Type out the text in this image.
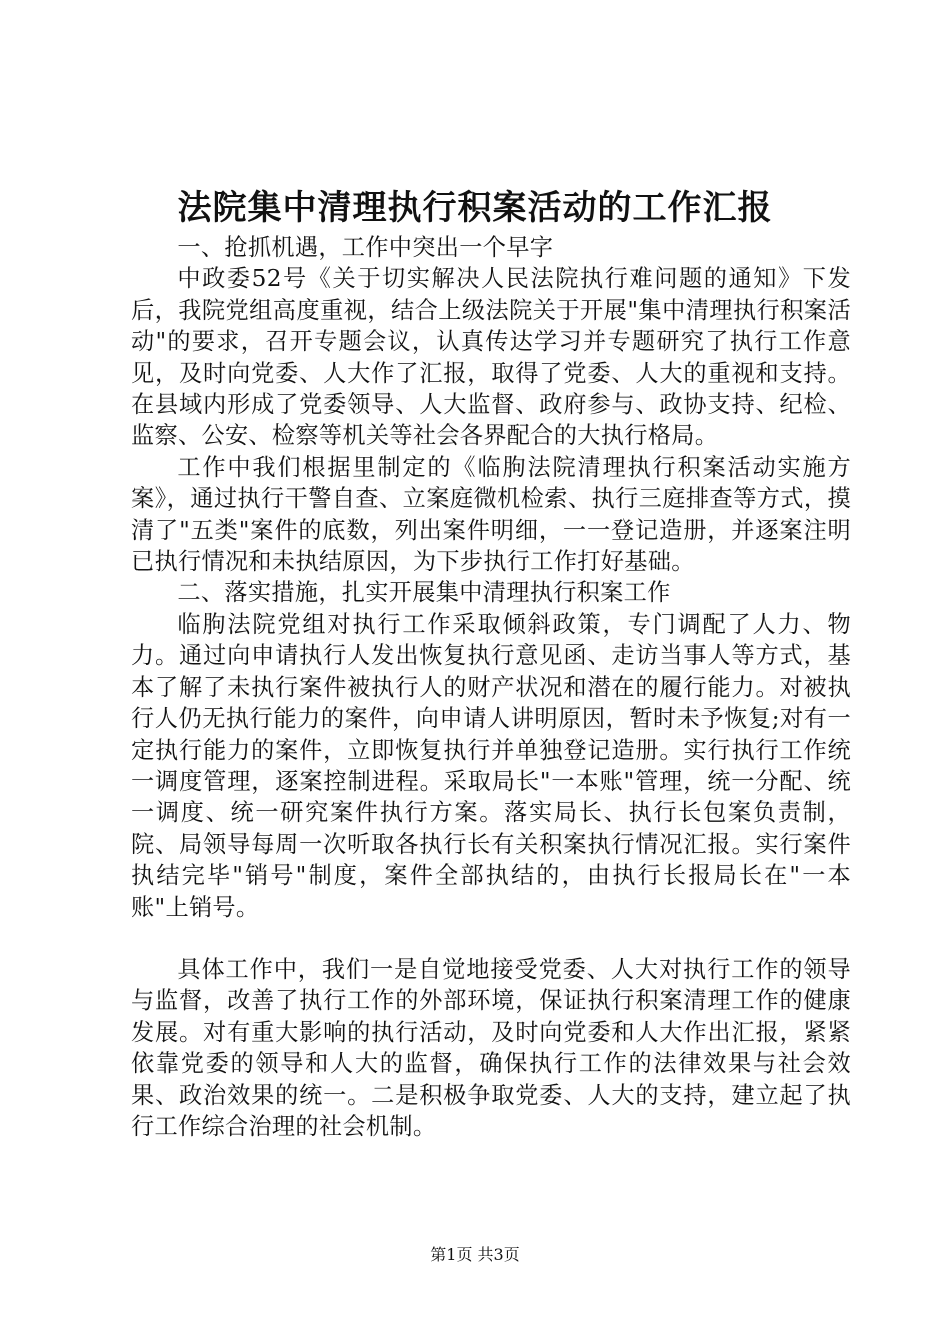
法院集中清理执行积案活动的工作汇报

一、抢抓机遇，工作中突出一个早字

中政委52号《关于切实解决人民法院执行难问题的通知》下发后，我院党组高度重视，结合上级法院关于开展"集中清理执行积案活动"的要求，召开专题会议，认真传达学习并专题研究了执行工作意见，及时向党委、人大作了汇报，取得了党委、人大的重视和支持。在县域内形成了党委领导、人大监督、政府参与、政协支持、纪检、监察、公安、检察等机关等社会各界配合的大执行格局。

工作中我们根据里制定的《临朐法院清理执行积案活动实施方案》，通过执行干警自查、立案庭微机检索、执行三庭排查等方式，摸清了"五类"案件的底数，列出案件明细，一一登记造册，并逐案注明已执行情况和未执结原因，为下步执行工作打好基础。

二、落实措施，扎实开展集中清理执行积案工作

临朐法院党组对执行工作采取倾斜政策，专门调配了人力、物力。通过向申请执行人发出恢复执行意见函、走访当事人等方式，基本了解了未执行案件被执行人的财产状况和潜在的履行能力。对被执行人仍无执行能力的案件，向申请人讲明原因，暂时未予恢复;对有一定执行能力的案件，立即恢复执行并单独登记造册。实行执行工作统一调度管理，逐案控制进程。采取局长"一本账"管理，统一分配、统一调度、统一研究案件执行方案。落实局长、执行长包案负责制，院、局领导每周一次听取各执行长有关积案执行情况汇报。实行案件执结完毕"销号"制度，案件全部执结的，由执行长报局长在"一本账"上销号。

具体工作中，我们一是自觉地接受党委、人大对执行工作的领导与监督，改善了执行工作的外部环境，保证执行积案清理工作的健康发展。对有重大影响的执行活动，及时向党委和人大作出汇报，紧紧依靠党委的领导和人大的监督，确保执行工作的法律效果与社会效果、政治效果的统一。二是积极争取党委、人大的支持，建立起了执行工作综合治理的社会机制。

第1页 共3页
